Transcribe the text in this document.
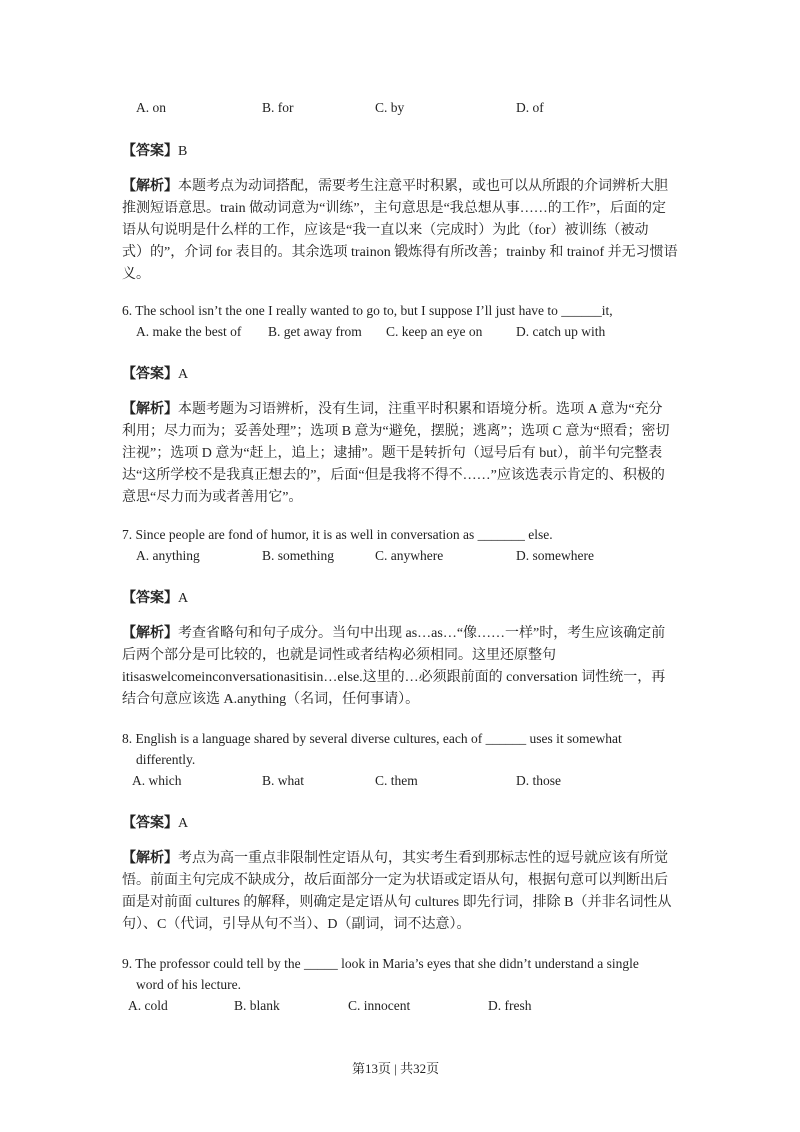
A. on	B. for	C. by	D. of
【答案】B
【解析】本题考点为动词搭配，需要考生注意平时积累，或也可以从所跟的介词辨析大胆
推测短语意思。train 做动词意为“训练”，主句意思是“我总想从事……的工作”，后面的定
语从句说明是什么样的工作，应该是“我一直以来（完成时）为此（for）被训练（被动
式）的”，介词 for 表目的。其余选项 trainon 锻炼得有所改善；trainby 和 trainof 并无习惯语
义。
6. The school isn’t the one I really wanted to go to, but I suppose I’ll just have to ______it,
A. make the best of B. get away from C. keep an eye on D. catch up with
【答案】A
【解析】本题考题为习语辨析，没有生词，注重平时积累和语境分析。选项 A 意为“充分
利用；尽力而为；妥善处理”；选项 B 意为“避免，摆脱；逃离”；选项 C 意为“照看；密切
注视”；选项 D 意为“赶上，追上；逮捕”。题干是转折句（逗号后有 but），前半句完整表
达“这所学校不是我真正想去的”，后面“但是我将不得不……”应该选表示肯定的、积极的
意思“尽力而为或者善用它”。
7. Since people are fond of humor, it is as well in conversation as _______ else.
A. anything	B. something	C. anywhere	D. somewhere
【答案】A
【解析】考查省略句和句子成分。当句中出现 as…as…“像……一样”时，考生应该确定前
后两个部分是可比较的，也就是词性或者结构必须相同。这里还原整句
itisaswelcomeinconversationasitisin…else.这里的…必须跟前面的 conversation 词性统一，再
结合句意应该选 A.anything（名词，任何事请）。
8. English is a language shared by several diverse cultures, each of ______ uses it somewhat
differently.
A. which	B. what	C. them	D. those
【答案】A
【解析】考点为高一重点非限制性定语从句，其实考生看到那标志性的逗号就应该有所觉
悟。前面主句完成不缺成分，故后面部分一定为状语或定语从句，根据句意可以判断出后
面是对前面 cultures 的解释，则确定是定语从句 cultures 即先行词，排除 B（并非名词性从
句）、C（代词，引导从句不当）、D（副词，词不达意）。
9. The professor could tell by the _____ look in Maria’s eyes that she didn’t understand a single
word of his lecture.
A. cold	B. blank	C. innocent	D. fresh
第13页 | 共32页
